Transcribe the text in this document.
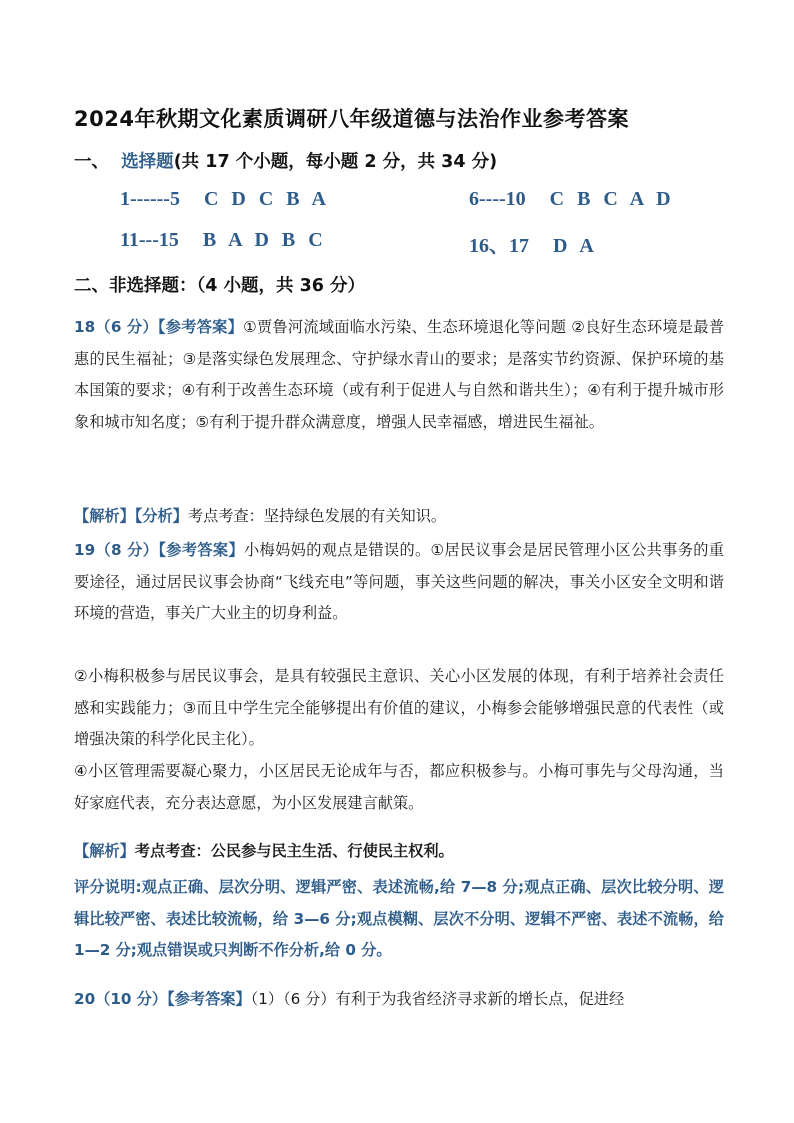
2024年秋期文化素质调研八年级道德与法治作业参考答案
一、 选择题(共 17 个小题，每小题 2 分，共 34 分)
1------5 C D C B A	6----10 C B C A D
11---15 B A D B C	16、17 D A
二、非选择题：（4 小题，共 36 分）
18（6 分）【参考答案】①贾鲁河流域面临水污染、生态环境退化等问题 ②良好生态环境是最普惠的民生福祉；③是落实绿色发展理念、守护绿水青山的要求；是落实节约资源、保护环境的基本国策的要求；④有利于改善生态环境（或有利于促进人与自然和谐共生）；④有利于提升城市形象和城市知名度；⑤有利于提升群众满意度，增强人民幸福感，增进民生福祉。
【解析】【分析】考点考查：坚持绿色发展的有关知识。
19（8 分）【参考答案】小梅妈妈的观点是错误的。①居民议事会是居民管理小区公共事务的重要途径，通过居民议事会协商“飞线充电”等问题，事关这些问题的解决，事关小区安全文明和谐环境的营造，事关广大业主的切身利益。
②小梅积极参与居民议事会，是具有较强民主意识、关心小区发展的体现，有利于培养社会责任感和实践能力；③而且中学生完全能够提出有价值的建议，小梅参会能够增强民意的代表性（或增强决策的科学化民主化）。
④小区管理需要凝心聚力，小区居民无论成年与否，都应积极参与。小梅可事先与父母沟通，当好家庭代表，充分表达意愿，为小区发展建言献策。
【解析】考点考查：公民参与民主生活、行使民主权利。
评分说明:观点正确、层次分明、逻辑严密、表述流畅,给 7—8 分;观点正确、层次比较分明、逻辑比较严密、表述比较流畅，给 3—6 分;观点模糊、层次不分明、逻辑不严密、表述不流畅，给 1—2 分;观点错误或只判断不作分析,给 0 分。
20（10 分）【参考答案】（1）（6 分）有利于为我省经济寻求新的增长点，促进经
